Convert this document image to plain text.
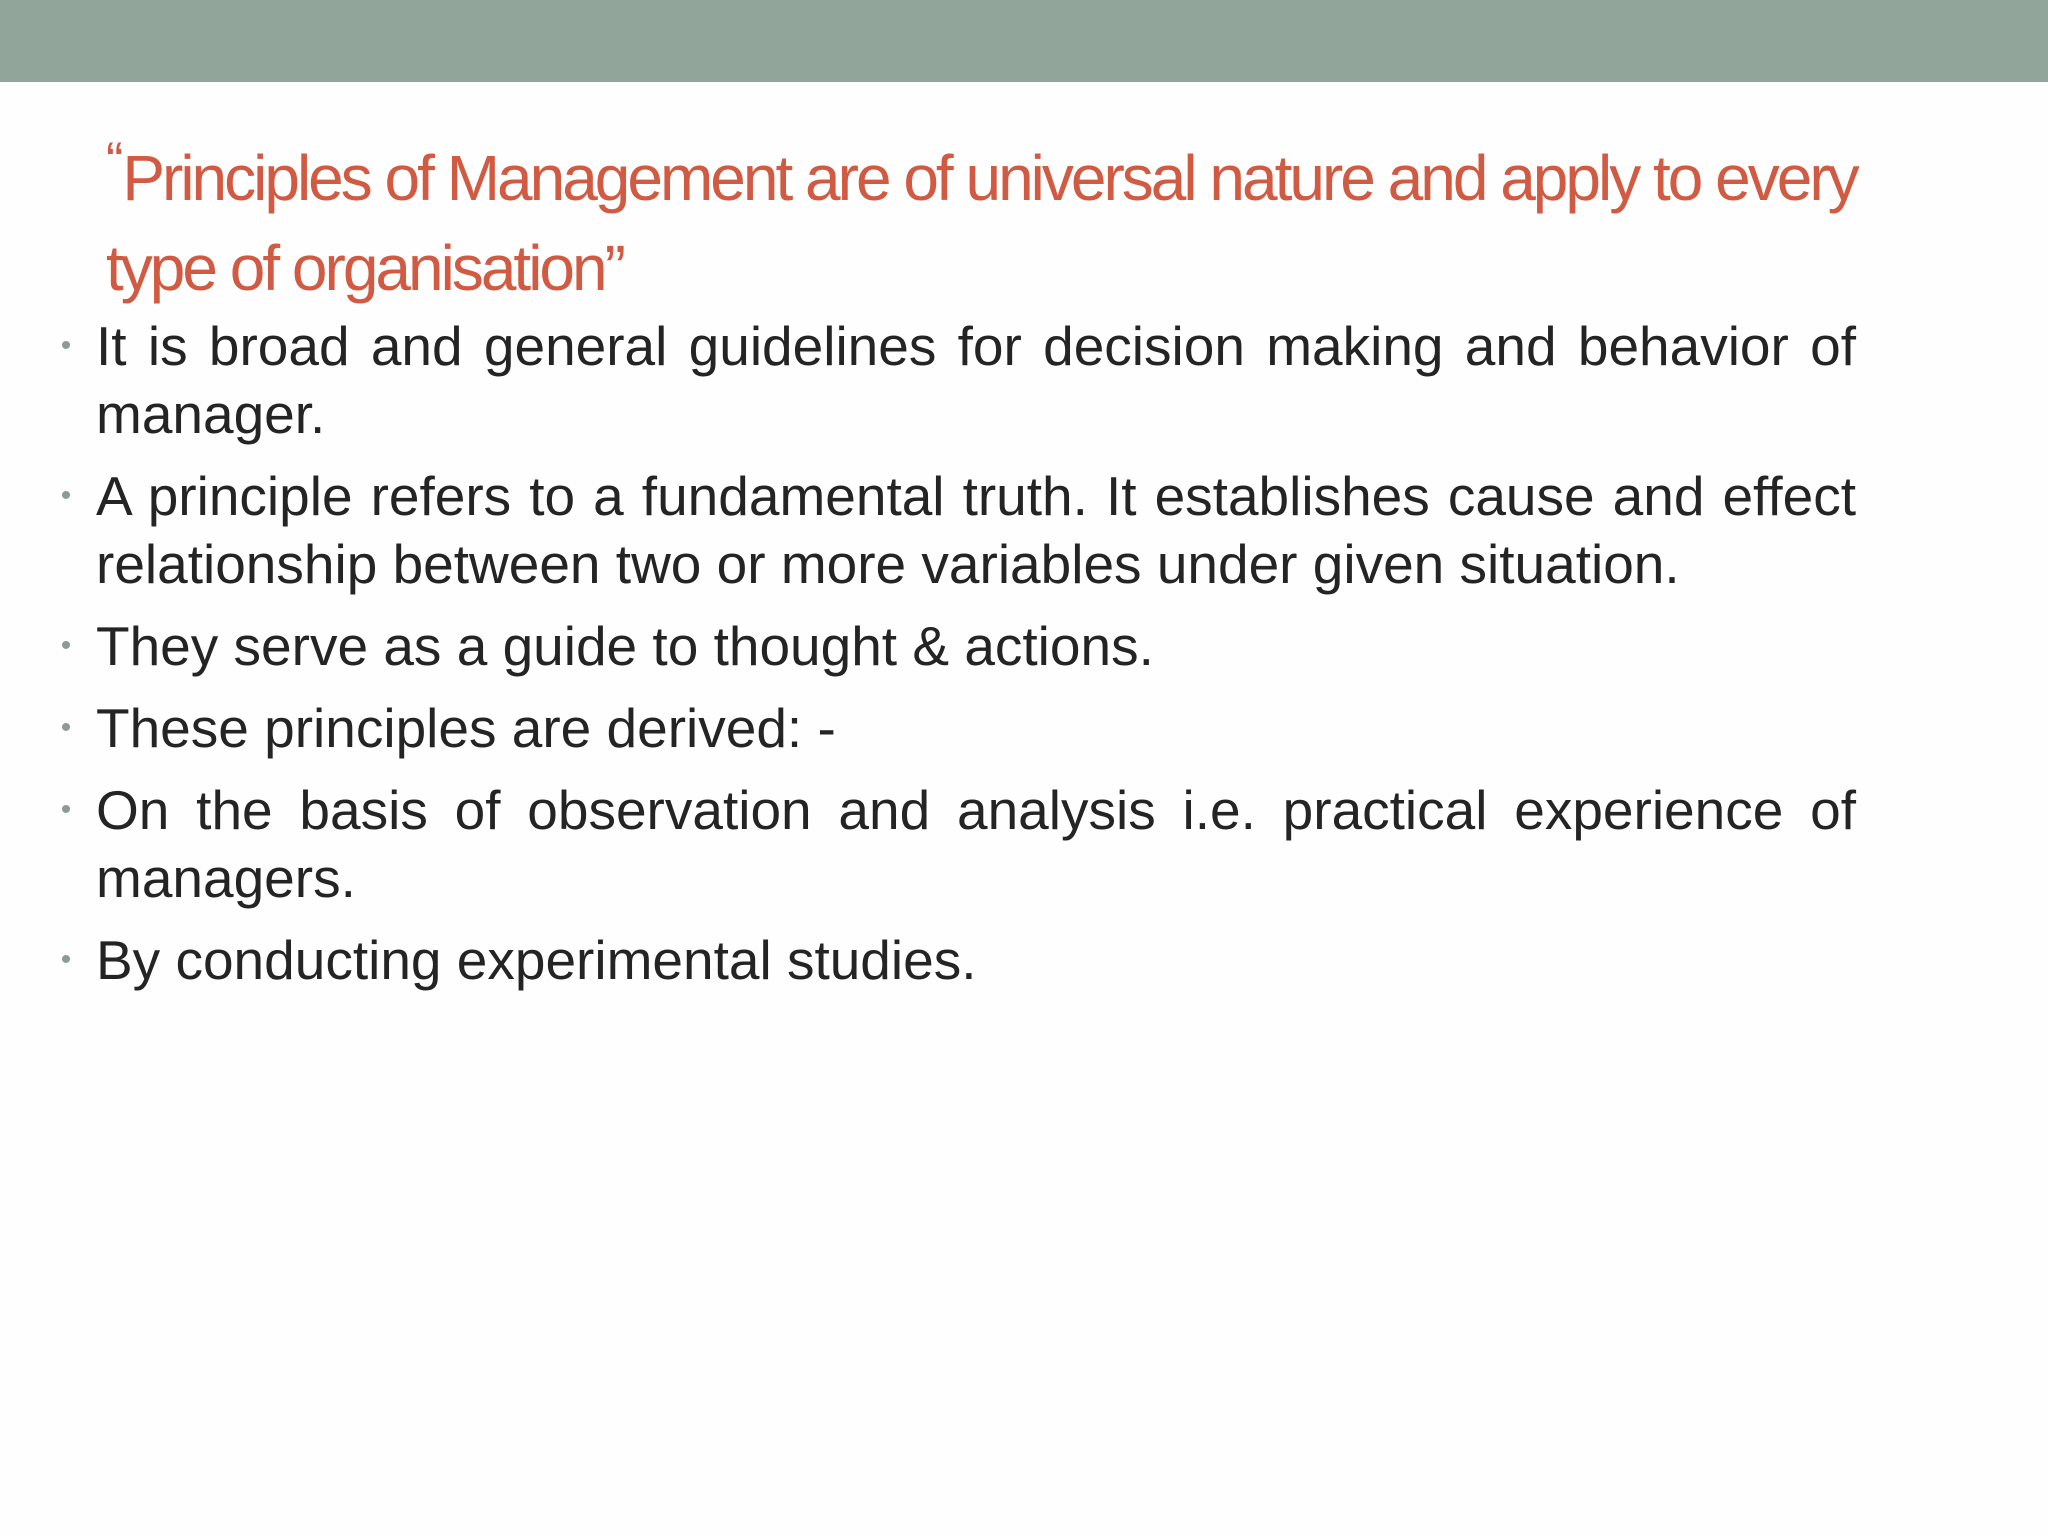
“Principles of Management are of universal nature and apply to every type of organisation”
• It is broad and general guidelines for decision making and behavior of manager.
• A principle refers to a fundamental truth. It establishes cause and effect relationship between two or more variables under given situation.
• They serve as a guide to thought & actions.
• These principles are derived: -
• On the basis of observation and analysis i.e. practical experience of managers.
• By conducting experimental studies.
